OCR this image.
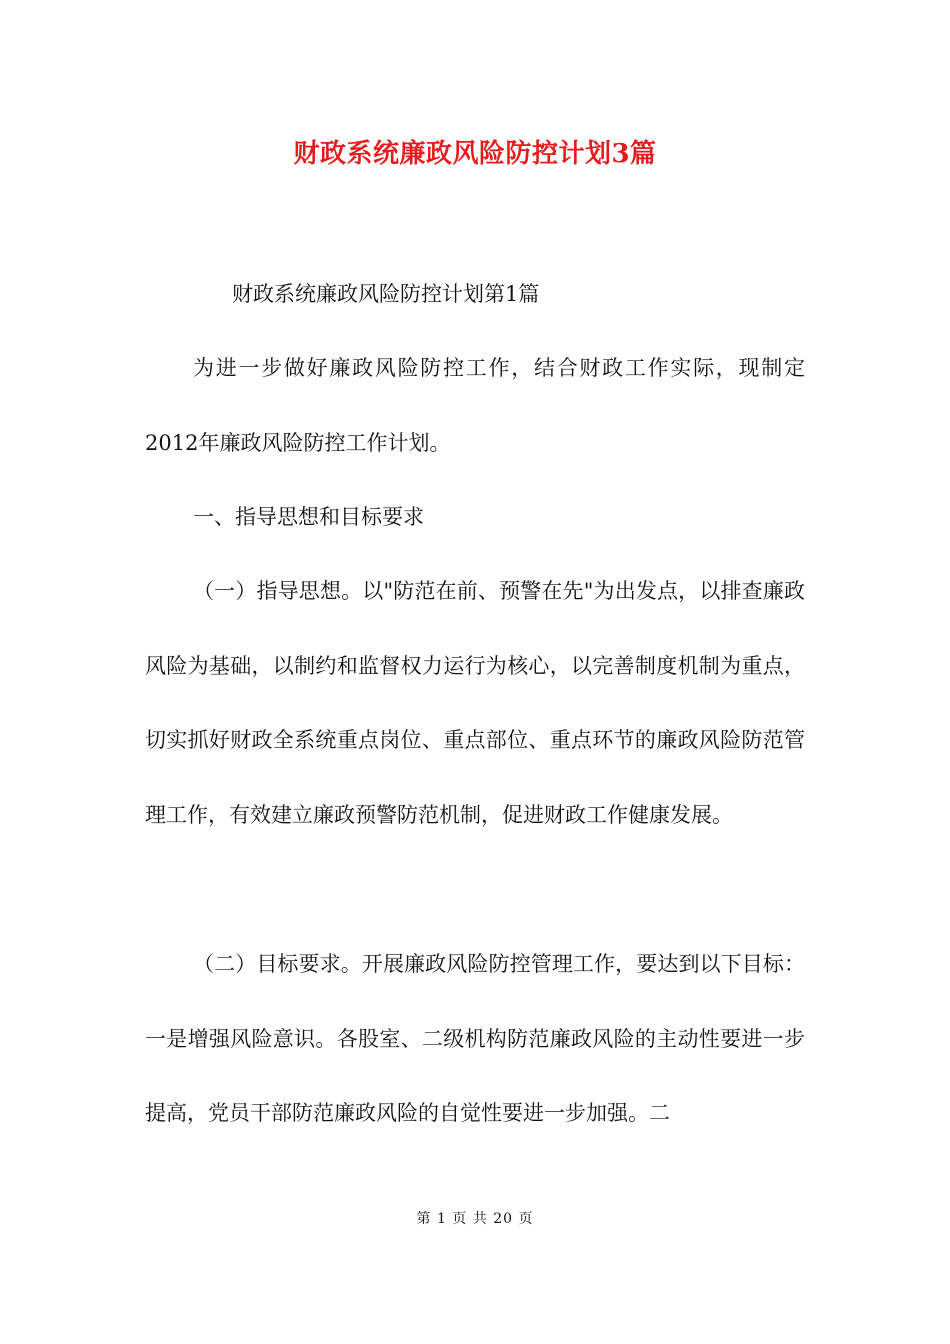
财政系统廉政风险防控计划3篇
财政系统廉政风险防控计划第1篇

为进一步做好廉政风险防控工作，结合财政工作实际，现制定2012年廉政风险防控工作计划。

一、指导思想和目标要求

（一）指导思想。以"防范在前、预警在先"为出发点，以排查廉政风险为基础，以制约和监督权力运行为核心，以完善制度机制为重点，切实抓好财政全系统重点岗位、重点部位、重点环节的廉政风险防范管理工作，有效建立廉政预警防范机制，促进财政工作健康发展。

（二）目标要求。开展廉政风险防控管理工作，要达到以下目标：一是增强风险意识。各股室、二级机构防范廉政风险的主动性要进一步提高，党员干部防范廉政风险的自觉性要进一步加强。二

第 1 页 共 20 页
